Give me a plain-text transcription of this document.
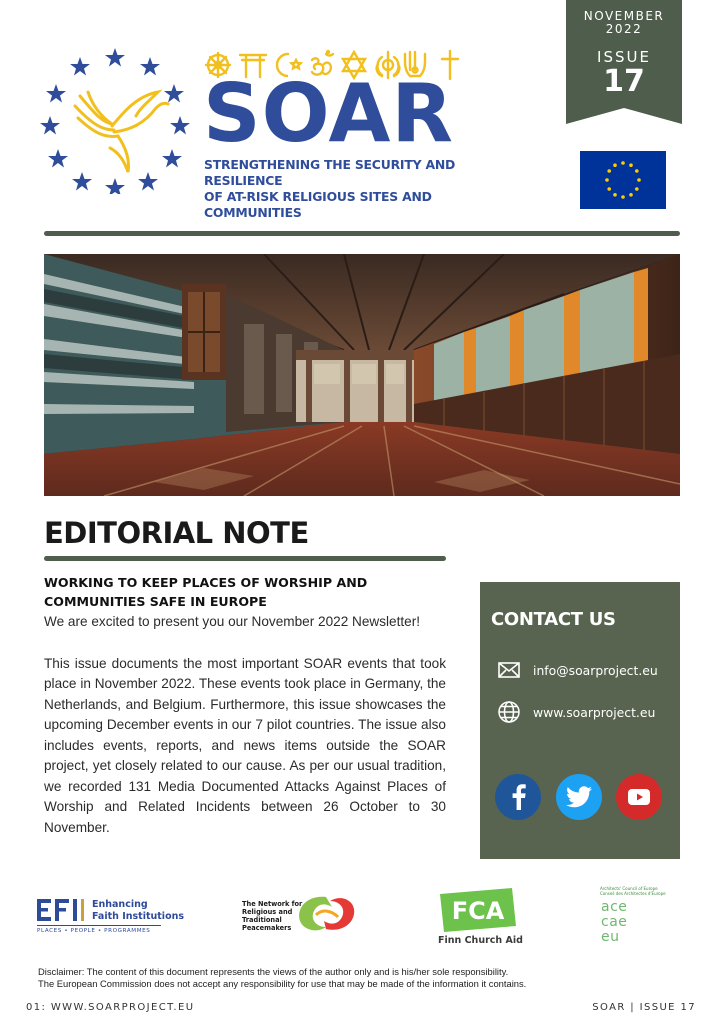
SOAR
STRENGTHENING THE SECURITY AND RESILIENCE
OF AT-RISK RELIGIOUS SITES AND COMMUNITIES
NOVEMBER
2022
ISSUE
17
EDITORIAL NOTE
WORKING TO KEEP PLACES OF WORSHIP AND
COMMUNITIES SAFE IN EUROPE

We are excited to present you our November 2022 Newsletter!

This issue documents the most important SOAR events that took place in November 2022. These events took place in Germany, the Netherlands, and Belgium. Furthermore, this issue showcases the upcoming December events in our 7 pilot countries. The issue also includes events, reports, and news items outside the SOAR project, yet closely related to our cause. As per our usual tradition, we recorded 131 Media Documented Attacks Against Places of Worship and Related Incidents between 26 October to 30 November.

CONTACT US
info@soarproject.eu
www.soarproject.eu
Enhancing
Faith Institutions
PLACES • PEOPLE • PROGRAMMES
The Network for
Religious and
Traditional
Peacemakers
FCA
Finn Church Aid
Architects' Council of Europe
Conseil des Architectes d'Europe
ace
cae
eu
Disclaimer: The content of this document represents the views of the author only and is his/her sole responsibility.
The European Commission does not accept any responsibility for use that may be made of the information it contains.
01: WWW.SOARPROJECT.EU	SOAR | ISSUE 17
